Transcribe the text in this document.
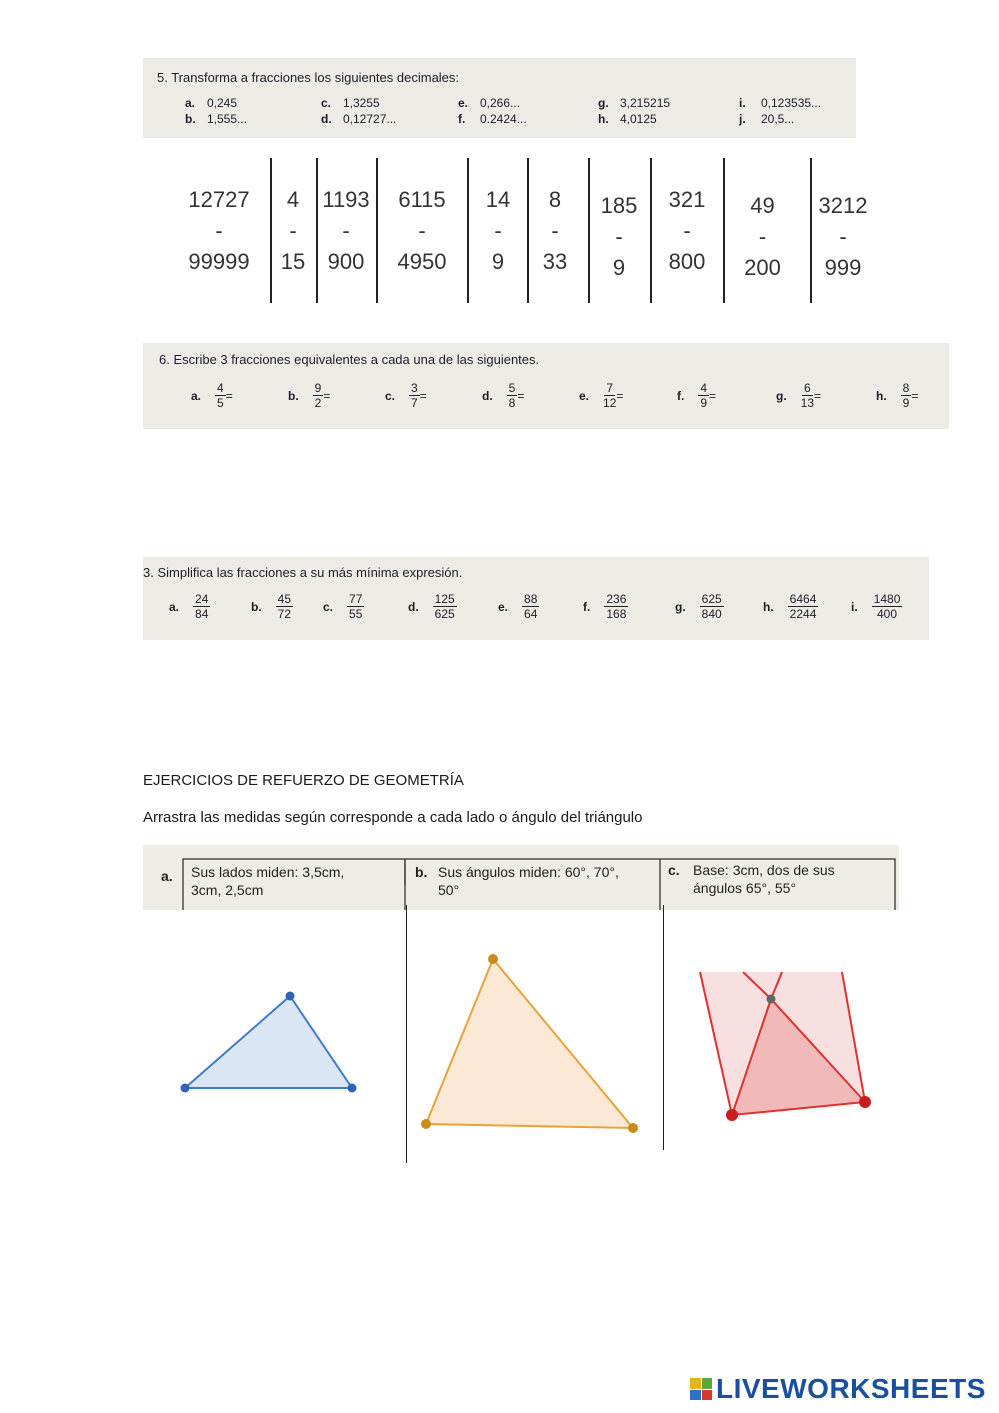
5. Transforma a fracciones los siguientes decimales:
a. 0,245
b. 1,555...
c. 1,3255
d. 0,12727...
e. 0,266...
f. 0.2424...
g. 3,215215
h. 4,0125
i. 0,123535...
j. 20,5...
12727
-
99999
4
-
15
1193
-
900
6115
-
4950
14
-
9
8
-
33
185
-
9
321
-
800
49
-
200
3212
-
999
6. Escribe 3 fracciones equivalentes a cada una de las siguientes.
a. $\frac{4}{5}$ =	b. $\frac{9}{2}$ =	c. $\frac{3}{7}$ =	d. $\frac{5}{8}$ =	e. $\frac{7}{12}$ =	f. $\frac{4}{9}$ =	g. $\frac{6}{13}$ =	h. $\frac{8}{9}$ =
3. Simplifica las fracciones a su más mínima expresión.
a.
24
84
b.
45
72
c.
77
55
d.
125
625
e.
88
64
f.
236
168
g.
625
840
h.
6464
2244
i.
1480
400
EJERCICIOS DE REFUERZO DE GEOMETRÍA
Arrastra las medidas según corresponde a cada lado o ángulo del triángulo
a. Sus lados miden: 3,5cm,
3cm, 2,5cm
b. Sus ángulos miden: 60°, 70°,
50°
c. Base: 3cm, dos de sus
ángulos 65°, 55°
LIVEWORKSHEETS
